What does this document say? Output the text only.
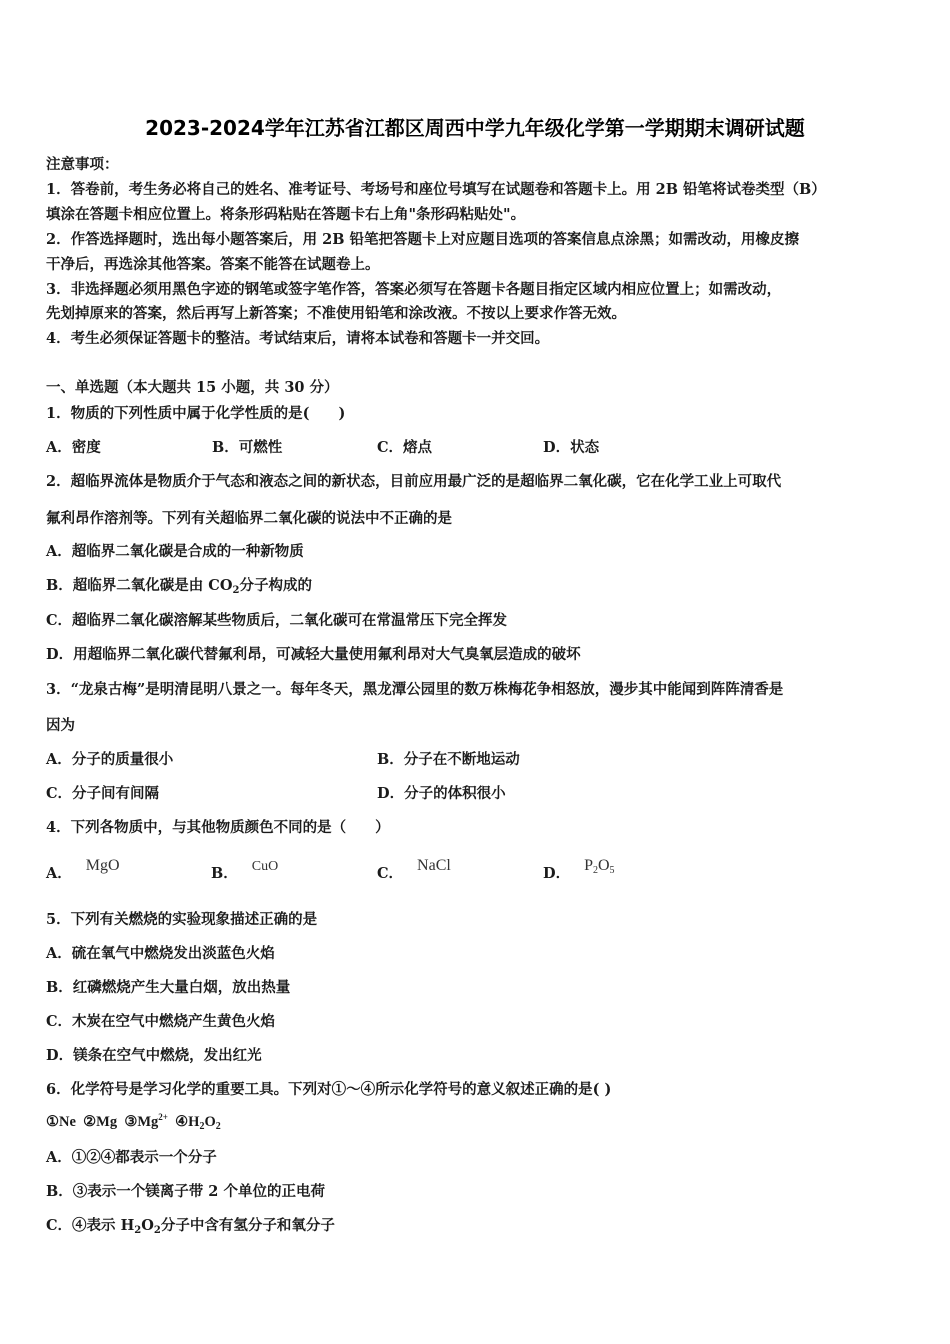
2023-2024学年江苏省江都区周西中学九年级化学第一学期期末调研试题
注意事项：
1．答卷前，考生务必将自己的姓名、准考证号、考场号和座位号填写在试题卷和答题卡上。用 2B 铅笔将试卷类型（B）
填涂在答题卡相应位置上。将条形码粘贴在答题卡右上角"条形码粘贴处"。
2．作答选择题时，选出每小题答案后，用 2B 铅笔把答题卡上对应题目选项的答案信息点涂黑；如需改动，用橡皮擦
干净后，再选涂其他答案。答案不能答在试题卷上。
3．非选择题必须用黑色字迹的钢笔或签字笔作答，答案必须写在答题卡各题目指定区域内相应位置上；如需改动，
先划掉原来的答案，然后再写上新答案；不准使用铅笔和涂改液。不按以上要求作答无效。
4．考生必须保证答题卡的整洁。考试结束后，请将本试卷和答题卡一并交回。
一、单选题（本大题共 15 小题，共 30 分）
1．物质的下列性质中属于化学性质的是(　　)
A．密度	B．可燃性	C．熔点	D．状态
2．超临界流体是物质介于气态和液态之间的新状态，目前应用最广泛的是超临界二氧化碳，它在化学工业上可取代
氟利昂作溶剂等。下列有关超临界二氧化碳的说法中不正确的是
A．超临界二氧化碳是合成的一种新物质
B．超临界二氧化碳是由 $CO_2$分子构成的
C．超临界二氧化碳溶解某些物质后，二氧化碳可在常温常压下完全挥发
D．用超临界二氧化碳代替氟利昂，可减轻大量使用氟利昂对大气臭氧层造成的破坏
3．“龙泉古梅”是明清昆明八景之一。每年冬天，黑龙潭公园里的数万株梅花争相怒放，漫步其中能闻到阵阵清香是
因为
A．分子的质量很小	B．分子在不断地运动
C．分子间有间隔	D．分子的体积很小
4．下列各物质中，与其他物质颜色不同的是（　　）
A． MgO	B． CuO	C． NaCl	D． $P_2O_5$
5．下列有关燃烧的实验现象描述正确的是
A．硫在氧气中燃烧发出淡蓝色火焰
B．红磷燃烧产生大量白烟，放出热量
C．木炭在空气中燃烧产生黄色火焰
D．镁条在空气中燃烧，发出红光
6．化学符号是学习化学的重要工具。下列对①～④所示化学符号的意义叙述正确的是( )
①Ne ②Mg $③Mg^{2+}$ $④H_2O_2$
A．①②④都表示一个分子
B．③表示一个镁离子带 2 个单位的正电荷
C．④表示 $H_2O_2$分子中含有氢分子和氧分子
